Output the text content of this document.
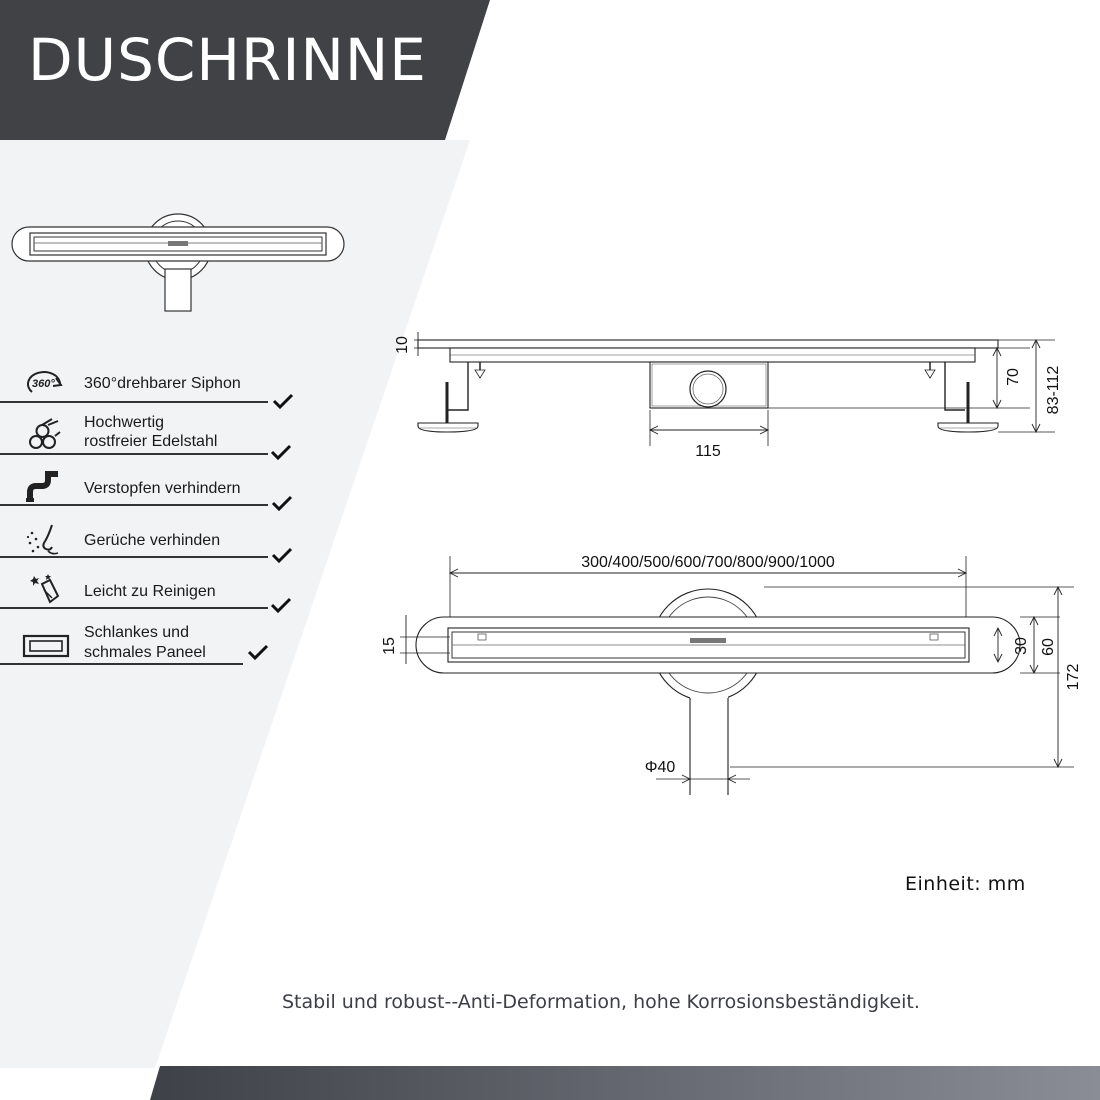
DUSCHRINNE
360° 360°drehbarer Siphon
Hochwertig
rostfreier Edelstahl
Verstopfen verhindern
Gerüche verhinden
Leicht zu Reinigen
Schlankes und
schmales Paneel
10
70 83-112
115
300/400/500/600/700/800/900/1000
15	30 60
172
Φ40
Einheit: mm
Stabil und robust--Anti-Deformation, hohe Korrosionsbeständigkeit.
